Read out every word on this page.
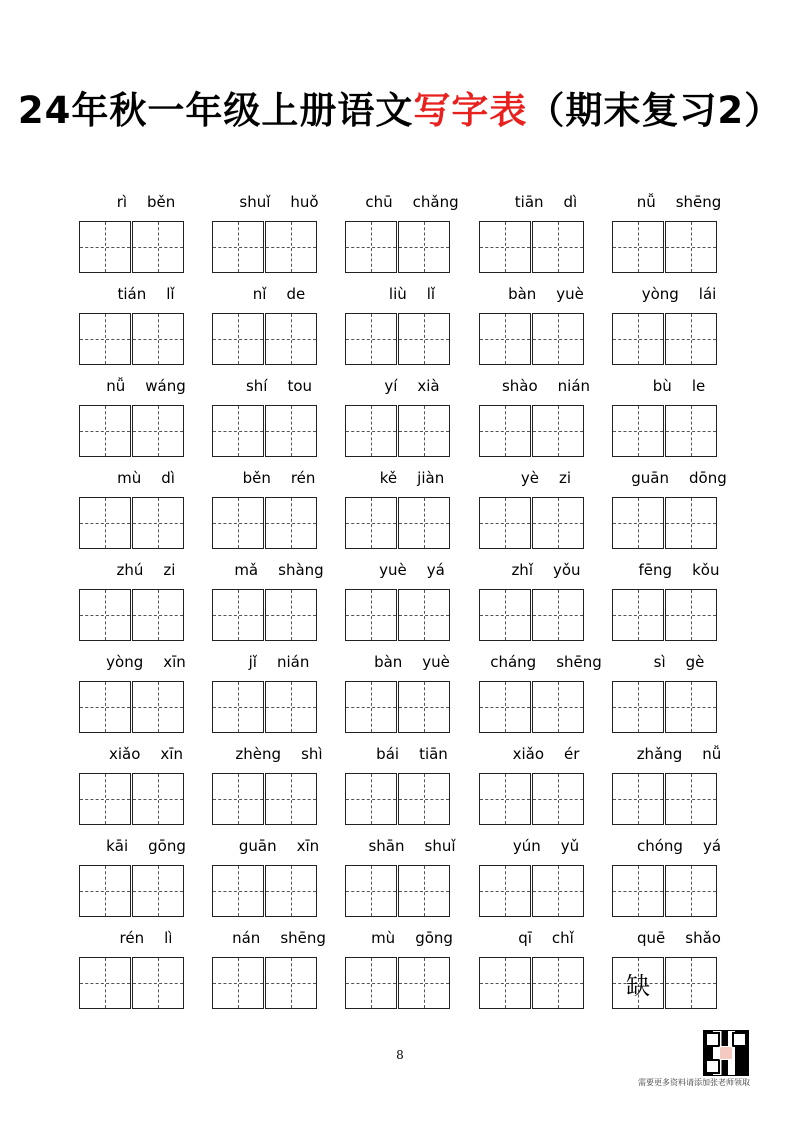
24年秋一年级上册语文写字表（期末复习2）
rì běn	shuǐ huǒ	chū chǎng	tiān dì	nǚ shēng
tián lǐ	nǐ de	liù lǐ	bàn yuè	yòng lái
nǚ wáng	shí tou	yí xià	shào nián	bù le
mù dì	běn rén	kě jiàn	yè zi	guān dōng
zhú zi	mǎ shàng	yuè yá	zhǐ yǒu	fēng kǒu
yòng xīn	jǐ nián	bàn yuè	cháng shēng	sì gè
xiǎo xīn	zhèng shì	bái tiān	xiǎo ér	zhǎng nǚ
kāi gōng	guān xīn	shān shuǐ	yún yǔ	chóng yá
rén lì	nán shēng	mù gōng	qī chǐ	quē shǎo
缺
8
需要更多资料请添加张老师领取
